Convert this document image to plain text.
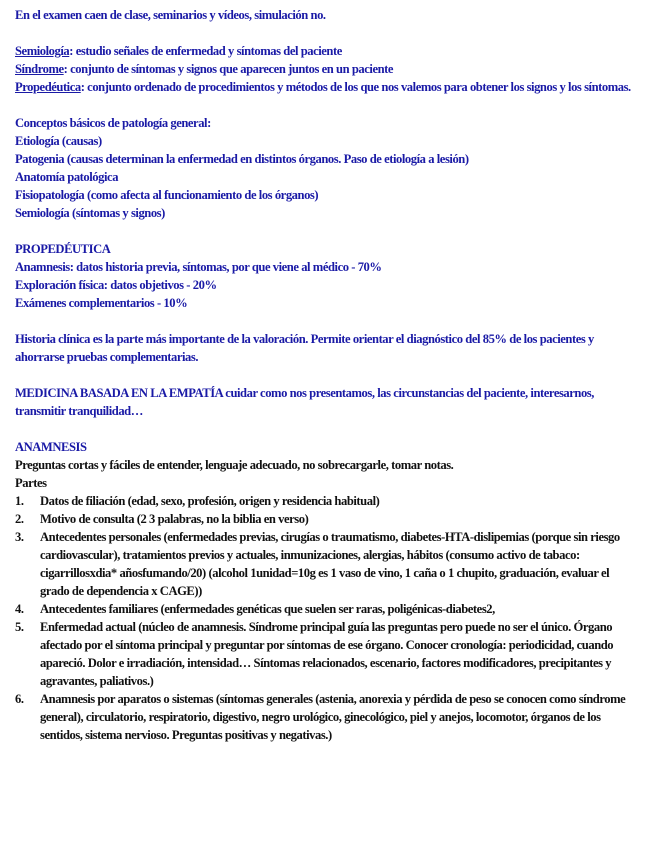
En el examen caen de clase, seminarios y vídeos, simulación no.

Semiología: estudio señales de enfermedad y síntomas del paciente

Síndrome: conjunto de síntomas y signos que aparecen juntos en un paciente

Propedéutica: conjunto ordenado de procedimientos y métodos de los que nos valemos para obtener los signos y los síntomas.

Conceptos básicos de patología general:

Etiología (causas)

Patogenia (causas determinan la enfermedad en distintos órganos. Paso de etiología a lesión)

Anatomía patológica

Fisiopatología (como afecta al funcionamiento de los órganos)

Semiología (síntomas y signos)

PROPEDÉUTICA

Anamnesis: datos historia previa, síntomas, por que viene al médico - 70%

Exploración física: datos objetivos - 20%

Exámenes complementarios - 10%

Historia clínica es la parte más importante de la valoración. Permite orientar el diagnóstico del 85% de los pacientes y ahorrarse pruebas complementarias.

MEDICINA BASADA EN LA EMPATÍA cuidar como nos presentamos, las circunstancias del paciente, interesarnos, transmitir tranquilidad…

ANAMNESIS

Preguntas cortas y fáciles de entender, lenguaje adecuado, no sobrecargarle, tomar notas.

Partes

1.	Datos de filiación (edad, sexo, profesión, origen y residencia habitual)
2.	Motivo de consulta (2 3 palabras, no la biblia en verso)
3.	Antecedentes personales (enfermedades previas, cirugías o traumatismo, diabetes-HTA-dislipemias (porque sin riesgo cardiovascular), tratamientos previos y actuales, inmunizaciones, alergias, hábitos (consumo activo de tabaco: cigarrillosxdia* añosfumando/20) (alcohol 1unidad=10g es 1 vaso de vino, 1 caña o 1 chupito, graduación, evaluar el grado de dependencia x CAGE))
4.	Antecedentes familiares (enfermedades genéticas que suelen ser raras, poligénicas-diabetes2,
5.	Enfermedad actual (núcleo de anamnesis. Síndrome principal guía las preguntas pero puede no ser el único. Órgano afectado por el síntoma principal y preguntar por síntomas de ese órgano. Conocer cronología: periodicidad, cuando apareció. Dolor e irradiación, intensidad… Síntomas relacionados, escenario, factores modificadores, precipitantes y agravantes, paliativos.)
6.	Anamnesis por aparatos o sistemas (síntomas generales (astenia, anorexia y pérdida de peso se conocen como síndrome general), circulatorio, respiratorio, digestivo, negro urológico, ginecológico, piel y anejos, locomotor, órganos de los sentidos, sistema nervioso. Preguntas positivas y negativas.)
